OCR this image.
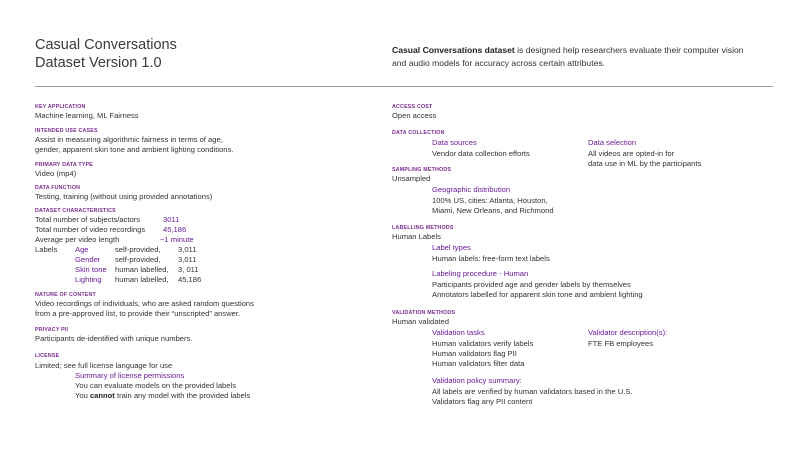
Casual Conversations
Dataset Version 1.0
Casual Conversations dataset is designed help researchers evaluate their computer vision and audio models for accuracy across certain attributes.
KEY APPLICATION
Machine learning, ML Fairness
INTENDED USE CASES
Assist in measuring algorithmic fairness in terms of age,
gender, apparent skin tone and ambient lighting conditions.
PRIMARY DATA TYPE
Video (mp4)
DATA FUNCTION
Testing, training (without using provided annotations)
DATASET CHARACTERISTICS
Total number of subjects/actors	3011
Total number of video recordings 45,186
Average per video length	~1 minute
Labels Age	self-provided, 3,011
Gender self-provided, 3,011
Skin tone human labelled, 3, 011
Lighting human labelled, 45,186
NATURE OF CONTENT
Video recordings of individuals, who are asked random questions
from a pre-approved list, to provide their “unscripted” answer.
PRIVACY PII
Participants de-identified with unique numbers.
LICENSE
Limited; see full license language for use
Summary of license permissions
You can evaluate models on the provided labels
You cannot train any model with the provided labels
ACCESS COST
Open access
DATA COLLECTION
Data sources
Vendor data collection efforts
Data selection
All videos are opted-in for
data use in ML by the participants
SAMPLING METHODS
Unsampled
Geographic distribution
100% US, cities: Atlanta, Houston,
Miami, New Orleans, and Richmond
LABELLING METHODS
Human Labels
Label types
Human labels: free-form text labels
Labeling procedure - Human
Participants provided age and gender labels by themselves
Annotators labelled for apparent skin tone and ambient lighting
VALIDATION METHODS
Human validated
Validation tasks
Human validators verify labels
Human validators flag PII
Human validators filter data
Validator description(s):
FTE FB employees
Validation policy summary:
All labels are verified by human validators based in the U.S.
Validators flag any PII content
